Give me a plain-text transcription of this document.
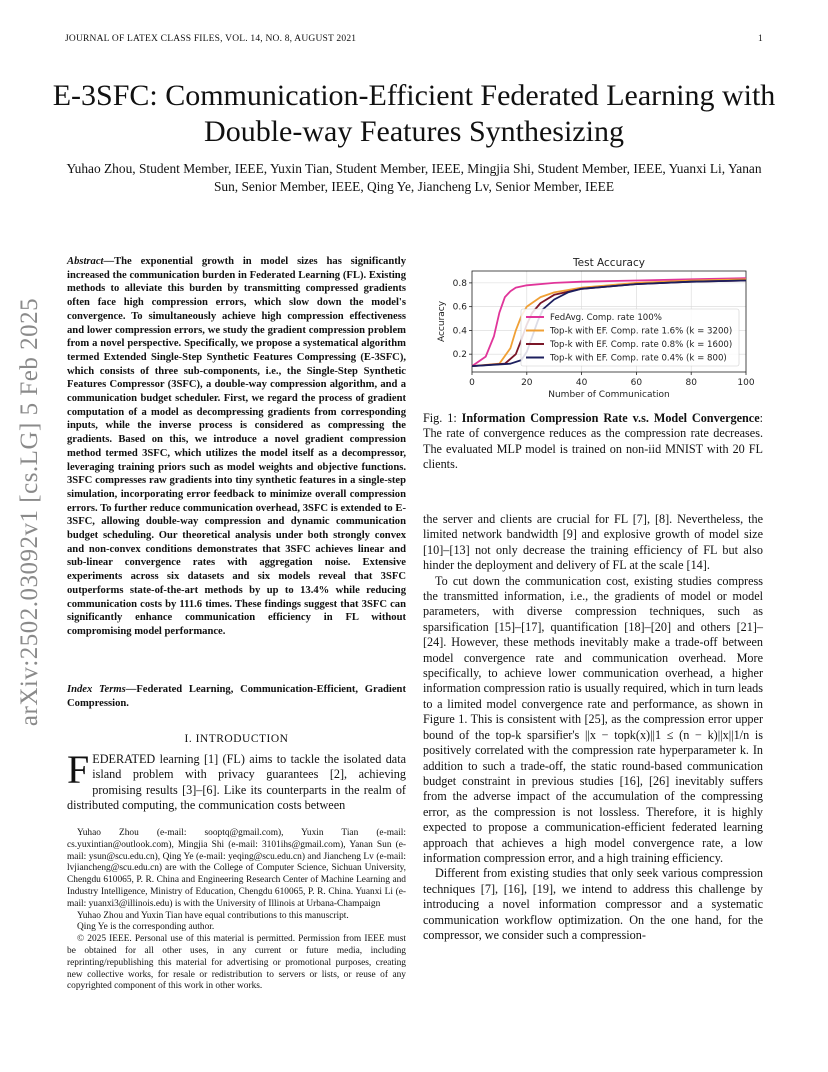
JOURNAL OF LATEX CLASS FILES, VOL. 14, NO. 8, AUGUST 2021	1
E-3SFC: Communication-Efficient Federated Learning with Double-way Features Synthesizing
Yuhao Zhou, Student Member, IEEE, Yuxin Tian, Student Member, IEEE, Mingjia Shi, Student Member, IEEE, Yuanxi Li, Yanan Sun, Senior Member, IEEE, Qing Ye, Jiancheng Lv, Senior Member, IEEE
arXiv:2502.03092v1 [cs.LG] 5 Feb 2025
Abstract—The exponential growth in model sizes has significantly increased the communication burden in Federated Learning (FL). Existing methods to alleviate this burden by transmitting compressed gradients often face high compression errors, which slow down the model's convergence. To simultaneously achieve high compression effectiveness and lower compression errors, we study the gradient compression problem from a novel perspective. Specifically, we propose a systematical algorithm termed Extended Single-Step Synthetic Features Compressing (E-3SFC), which consists of three sub-components, i.e., the Single-Step Synthetic Features Compressor (3SFC), a double-way compression algorithm, and a communication budget scheduler. First, we regard the process of gradient computation of a model as decompressing gradients from corresponding inputs, while the inverse process is considered as compressing the gradients. Based on this, we introduce a novel gradient compression method termed 3SFC, which utilizes the model itself as a decompressor, leveraging training priors such as model weights and objective functions. 3SFC compresses raw gradients into tiny synthetic features in a single-step simulation, incorporating error feedback to minimize overall compression errors. To further reduce communication overhead, 3SFC is extended to E-3SFC, allowing double-way compression and dynamic communication budget scheduling. Our theoretical analysis under both strongly convex and non-convex conditions demonstrates that 3SFC achieves linear and sub-linear convergence rates with aggregation noise. Extensive experiments across six datasets and six models reveal that 3SFC outperforms state-of-the-art methods by up to 13.4% while reducing communication costs by 111.6 times. These findings suggest that 3SFC can significantly enhance communication efficiency in FL without compromising model performance.
Index Terms—Federated Learning, Communication-Efficient, Gradient Compression.
I. INTRODUCTION
FEDERATED learning [1] (FL) aims to tackle the isolated data island problem with privacy guarantees [2], achieving promising results [3]–[6]. Like its counterparts in the realm of distributed computing, the communication costs between

Yuhao Zhou (e-mail: sooptq@gmail.com), Yuxin Tian (e-mail: cs.yuxintian@outlook.com), Mingjia Shi (e-mail: 3101ihs@gmail.com), Yanan Sun (e-mail: ysun@scu.edu.cn), Qing Ye (e-mail: yeqing@scu.edu.cn) and Jiancheng Lv (e-mail: lvjiancheng@scu.edu.cn) are with the College of Computer Science, Sichuan University, Chengdu 610065, P. R. China and Engineering Research Center of Machine Learning and Industry Intelligence, Ministry of Education, Chengdu 610065, P. R. China. Yuanxi Li (e-mail: yuanxi3@illinois.edu) is with the University of Illinois at Urbana-Champaign

Yuhao Zhou and Yuxin Tian have equal contributions to this manuscript.

Qing Ye is the corresponding author.

© 2025 IEEE. Personal use of this material is permitted. Permission from IEEE must be obtained for all other uses, in any current or future media, including reprinting/republishing this material for advertising or promotional purposes, creating new collective works, for resale or redistribution to servers or lists, or reuse of any copyrighted component of this work in other works.

0	20	40	60	80	100
0.2
0.4
0.6
0.8
Test Accuracy
Number of Communication
Accuracy	FedAvg. Comp. rate 100%
Top-k with EF. Comp. rate 1.6% (k = 3200)
Top-k with EF. Comp. rate 0.8% (k = 1600)
Top-k with EF. Comp. rate 0.4% (k = 800)
Fig. 1: Information Compression Rate v.s. Model Convergence: The rate of convergence reduces as the compression rate decreases. The evaluated MLP model is trained on non-iid MNIST with 20 FL clients.

the server and clients are crucial for FL [7], [8]. Nevertheless, the limited network bandwidth [9] and explosive growth of model size [10]–[13] not only decrease the training efficiency of FL but also hinder the deployment and delivery of FL at the scale [14].

To cut down the communication cost, existing studies compress the transmitted information, i.e., the gradients of model or model parameters, with diverse compression techniques, such as sparsification [15]–[17], quantification [18]–[20] and others [21]–[24]. However, these methods inevitably make a trade-off between model convergence rate and communication overhead. More specifically, to achieve lower communication overhead, a higher information compression ratio is usually required, which in turn leads to a limited model convergence rate and performance, as shown in Figure 1. This is consistent with [25], as the compression error upper bound of the top-k sparsifier's ||x − topk(x)||1 ≤ (n − k)||x||1/n is positively correlated with the compression rate hyperparameter k. In addition to such a trade-off, the static round-based communication budget constraint in previous studies [16], [26] inevitably suffers from the adverse impact of the accumulation of the compressing error, as the compression is not lossless. Therefore, it is highly expected to propose a communication-efficient federated learning approach that achieves a high model convergence rate, a low information compression error, and a high training efficiency.

Different from existing studies that only seek various compression techniques [7], [16], [19], we intend to address this challenge by introducing a novel information compressor and a systematic communication workflow optimization. On the one hand, for the compressor, we consider such a compression-
